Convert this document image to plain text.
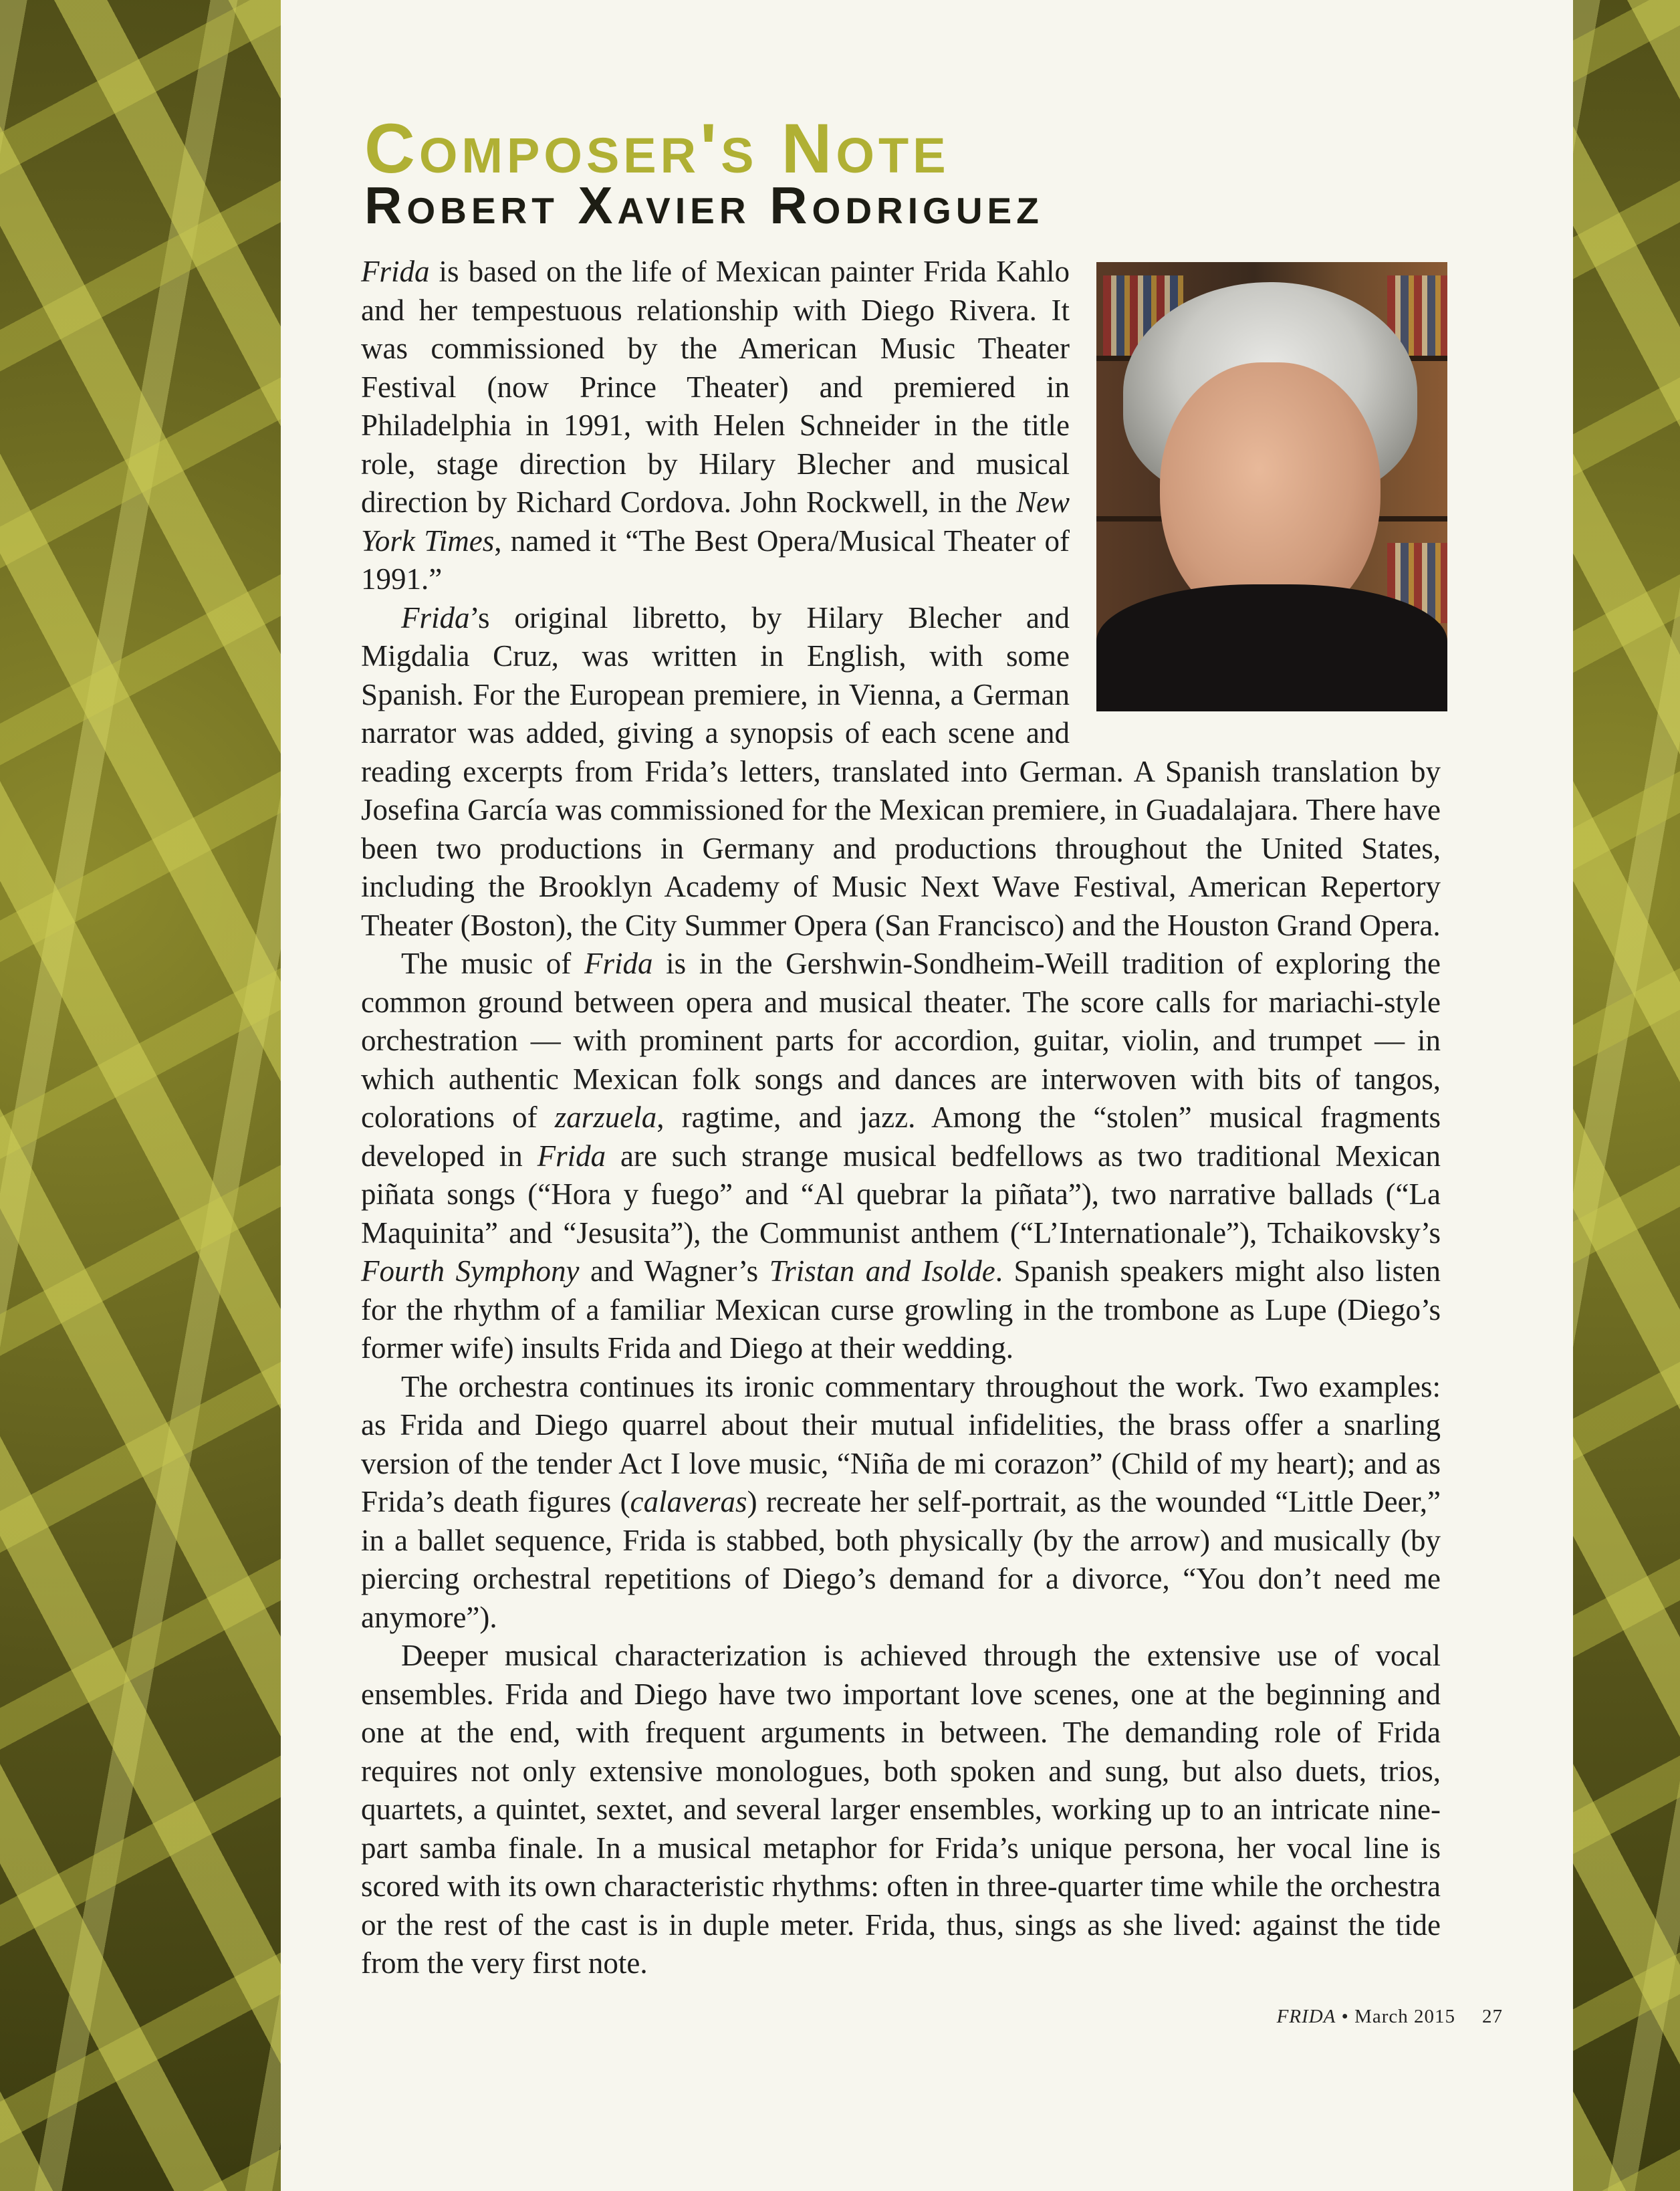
Composer's Note
Robert Xavier Rodriguez

Frida is based on the life of Mexican painter Frida Kahlo and her tempestuous relationship with Diego Rivera. It was commissioned by the American Music Theater Festival (now Prince Theater) and premiered in Philadelphia in 1991, with Helen Schneider in the title role, stage direction by Hilary Blecher and musical direction by Richard Cordova. John Rockwell, in the New York Times, named it “The Best Opera/Musical Theater of 1991.”

Frida’s original libretto, by Hilary Blecher and Migdalia Cruz, was written in English, with some Spanish. For the European premiere, in Vienna, a German narrator was added, giving a synopsis of each scene and reading excerpts from Frida’s letters, translated into German. A Spanish translation by Josefina García was commissioned for the Mexican premiere, in Guadalajara. There have been two productions in Germany and productions throughout the United States, including the Brooklyn Academy of Music Next Wave Festival, American Repertory Theater (Boston), the City Summer Opera (San Francisco) and the Houston Grand Opera.

The music of Frida is in the Gershwin-Sondheim-Weill tradition of exploring the common ground between opera and musical theater. The score calls for mariachi-style orchestration — with prominent parts for accordion, guitar, violin, and trumpet — in which authentic Mexican folk songs and dances are interwoven with bits of tangos, colorations of zarzuela, ragtime, and jazz. Among the “stolen” musical fragments developed in Frida are such strange musical bedfellows as two traditional Mexican piñata songs (“Hora y fuego” and “Al quebrar la piñata”), two narrative ballads (“La Maquinita” and “Jesusita”), the Communist anthem (“L’Internationale”), Tchaikovsky’s Fourth Symphony and Wagner’s Tristan and Isolde. Spanish speakers might also listen for the rhythm of a familiar Mexican curse growling in the trombone as Lupe (Diego’s former wife) insults Frida and Diego at their wedding.

The orchestra continues its ironic commentary throughout the work. Two examples: as Frida and Diego quarrel about their mutual infidelities, the brass offer a snarling version of the tender Act I love music, “Niña de mi corazon” (Child of my heart); and as Frida’s death figures (calaveras) recreate her self-portrait, as the wounded “Little Deer,” in a ballet sequence, Frida is stabbed, both physically (by the arrow) and musically (by piercing orchestral repetitions of Diego’s demand for a divorce, “You don’t need me anymore”).

Deeper musical characterization is achieved through the extensive use of vocal ensembles. Frida and Diego have two important love scenes, one at the beginning and one at the end, with frequent arguments in between. The demanding role of Frida requires not only extensive monologues, both spoken and sung, but also duets, trios, quartets, a quintet, sextet, and several larger ensembles, working up to an intricate nine-part samba finale. In a musical metaphor for Frida’s unique persona, her vocal line is scored with its own characteristic rhythms: often in three-quarter time while the orchestra or the rest of the cast is in duple meter. Frida, thus, sings as she lived: against the tide from the very first note.

FRIDA • March 2015 27
